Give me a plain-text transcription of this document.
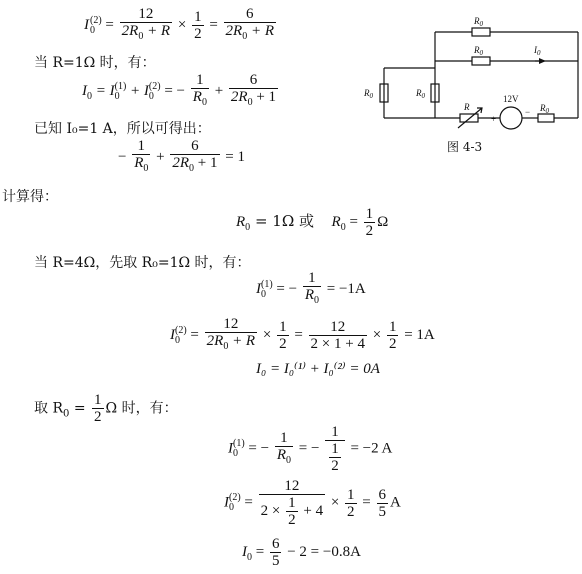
I (2)
$0 = \frac{12}{2R_0 + R} \times \frac{1}{2} = \frac{6}{2R_0 + R}$
当 R=1Ω 时，有：
$I_0 = I$ (1)
0 + I (2)
0 = − $\frac{1}{R_0} + \frac{6}{2R_0 + 1}$
已知 I₀=1 A，所以可得出：
− $\frac{1}{R_0} + \frac{6}{2R_0 + 1} = 1$
计算得：
$R_0 = 1\Omega$ 或 $R_0 = \frac{1}{2}$ Ω
当 R=4Ω，先取 R₀=1Ω 时，有：
I (1)
0 = − $\frac{1}{R_0} = -1A$
I (2)
$0 = \frac{12}{2R_0 + R} \times \frac{1}{2} = \frac{12}{2 \times 1 + 4} \times \frac{1}{2} = 1A$
I₀ = I₀⁽¹⁾ + I₀⁽²⁾ = 0A
取 $R_0 = \frac{1}{2}$ Ω 时，有：
I (1)
0 = − $\frac{1}{R_0}$ = − $\frac{1}{\frac{1}{2}} = -2$ A
I (2)
$0 = \frac{12}{2 \times \frac{1}{2} + 4} \times \frac{1}{2} = \frac{6}{5}$ A
$I_0 = \frac{6}{5} - 2 = -0.8A$
$R_0$
$R_0$
$R_0$	$R_0$
R	$R_0$
$I_0$
12V
+
−
图 4-3
